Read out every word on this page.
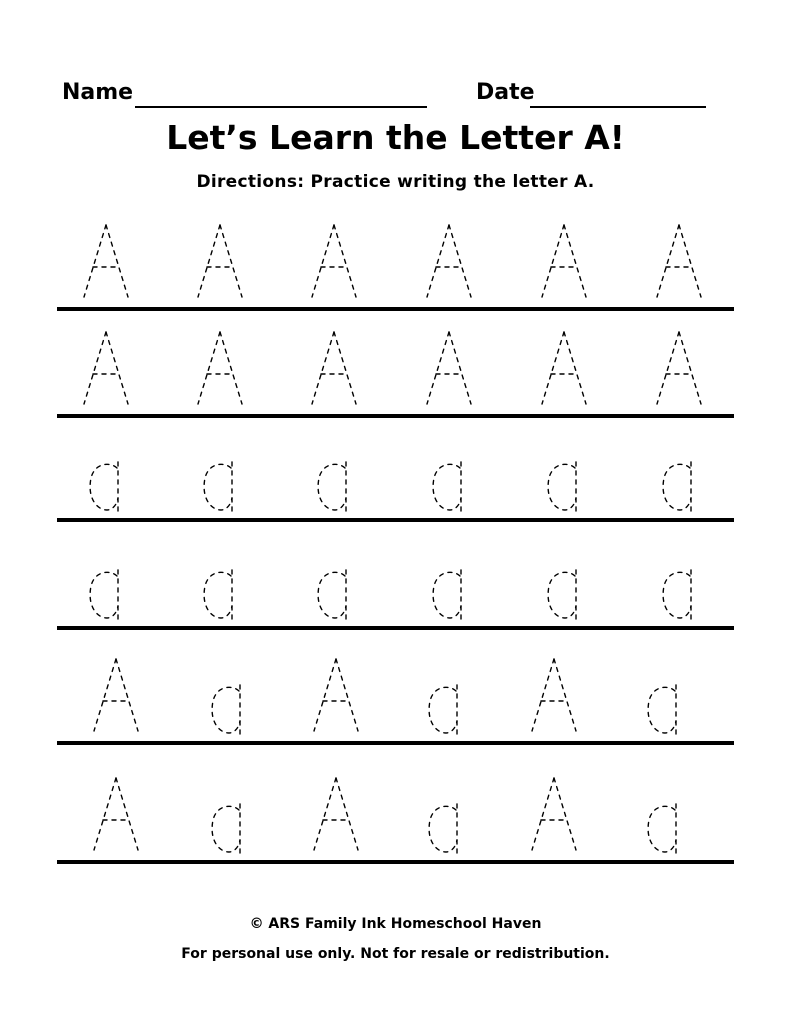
Name	Date
Let’s Learn the Letter A!
Directions: Practice writing the letter A.
© ARS Family Ink Homeschool Haven
For personal use only. Not for resale or redistribution.
